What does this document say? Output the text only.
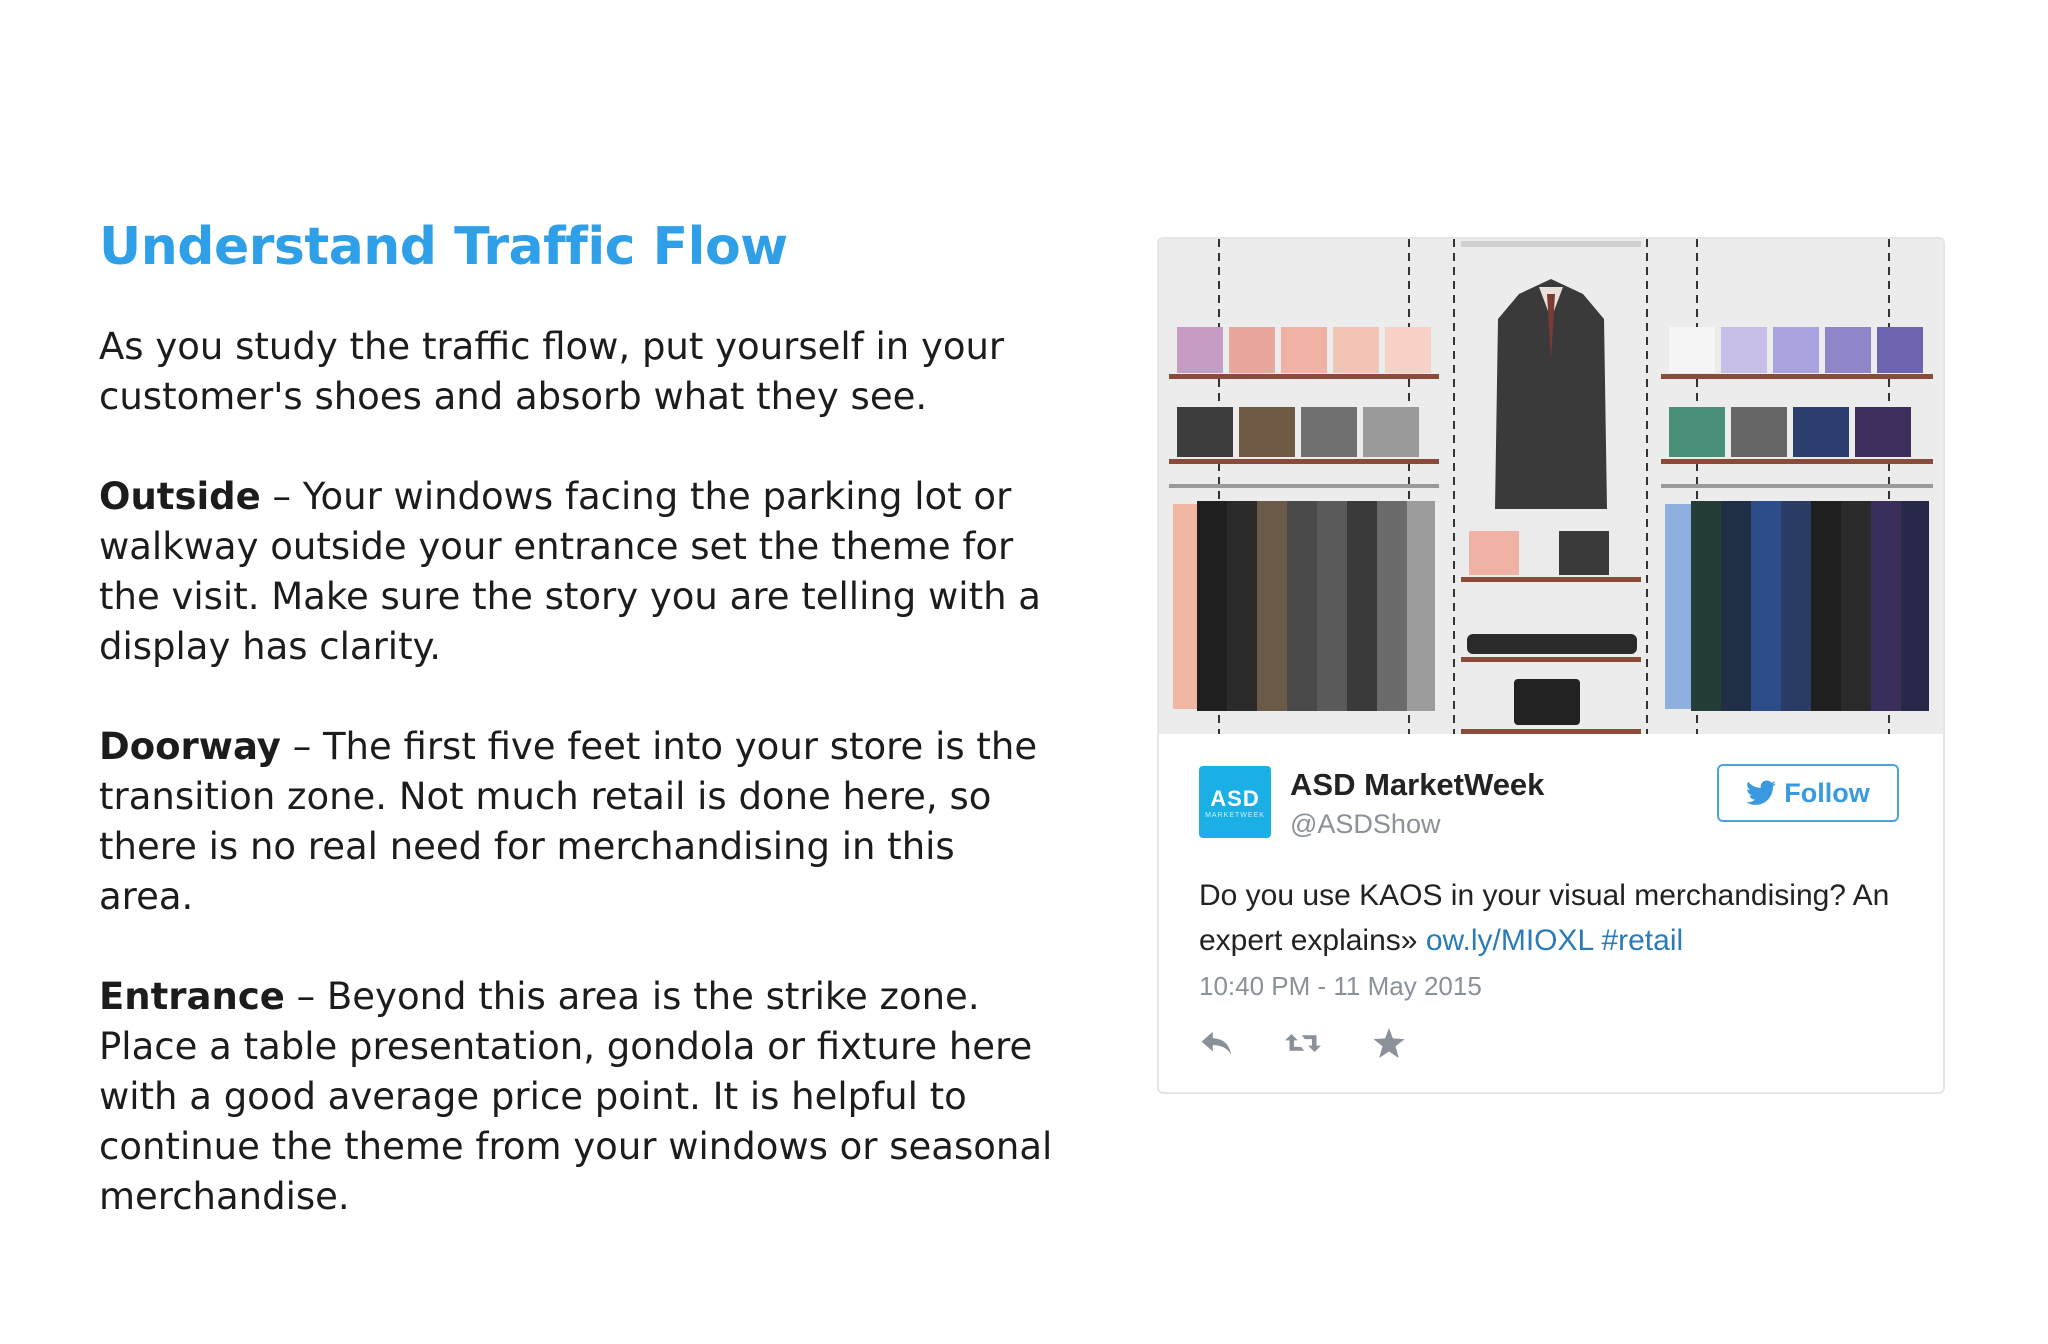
Understand Traffic Flow

As you study the traffic flow, put yourself in your customer's shoes and absorb what they see.

Outside – Your windows facing the parking lot or walkway outside your entrance set the theme for the visit. Make sure the story you are telling with a display has clarity.

Doorway – The first five feet into your store is the transition zone. Not much retail is done here, so there is no real need for merchandising in this area.

Entrance – Beyond this area is the strike zone. Place a table presentation, gondola or fixture here with a good average price point. It is helpful to continue the theme from your windows or seasonal merchandise.

ASD
MARKETWEEK
ASD MarketWeek
@ASDShow
Follow
Do you use KAOS in your visual merchandising? An expert explains» ow.ly/MIOXL #retail
10:40 PM - 11 May 2015
